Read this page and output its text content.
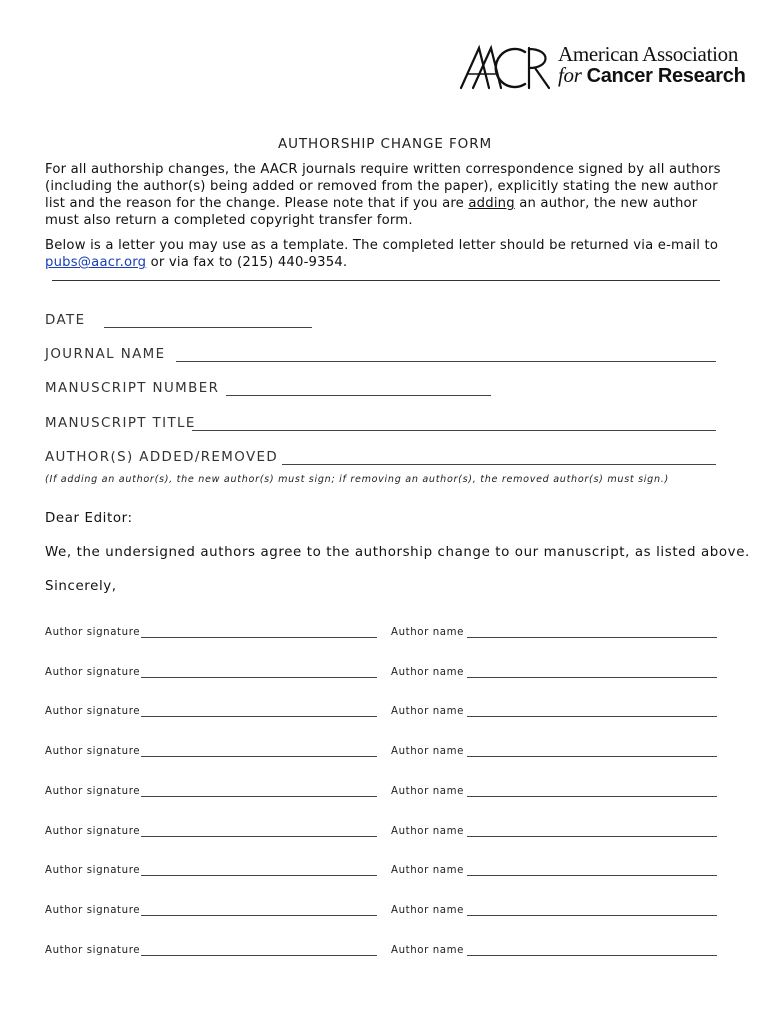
American Association
for Cancer Research
AUTHORSHIP CHANGE FORM
For all authorship changes, the AACR journals require written correspondence signed by all authors (including the author(s) being added or removed from the paper), explicitly stating the new author list and the reason for the change. Please note that if you are adding an author, the new author must also return a completed copyright transfer form.
Below is a letter you may use as a template. The completed letter should be returned via e-mail to pubs@aacr.org or via fax to (215) 440-9354.
DATE
JOURNAL NAME
MANUSCRIPT NUMBER
MANUSCRIPT TITLE
AUTHOR(S) ADDED/REMOVED
(If adding an author(s), the new author(s) must sign; if removing an author(s), the removed author(s) must sign.)
Dear Editor:
We, the undersigned authors agree to the authorship change to our manuscript, as listed above.
Sincerely,
Author signature	Author name
Author signature	Author name
Author signature	Author name
Author signature	Author name
Author signature	Author name
Author signature	Author name
Author signature	Author name
Author signature	Author name
Author signature	Author name
